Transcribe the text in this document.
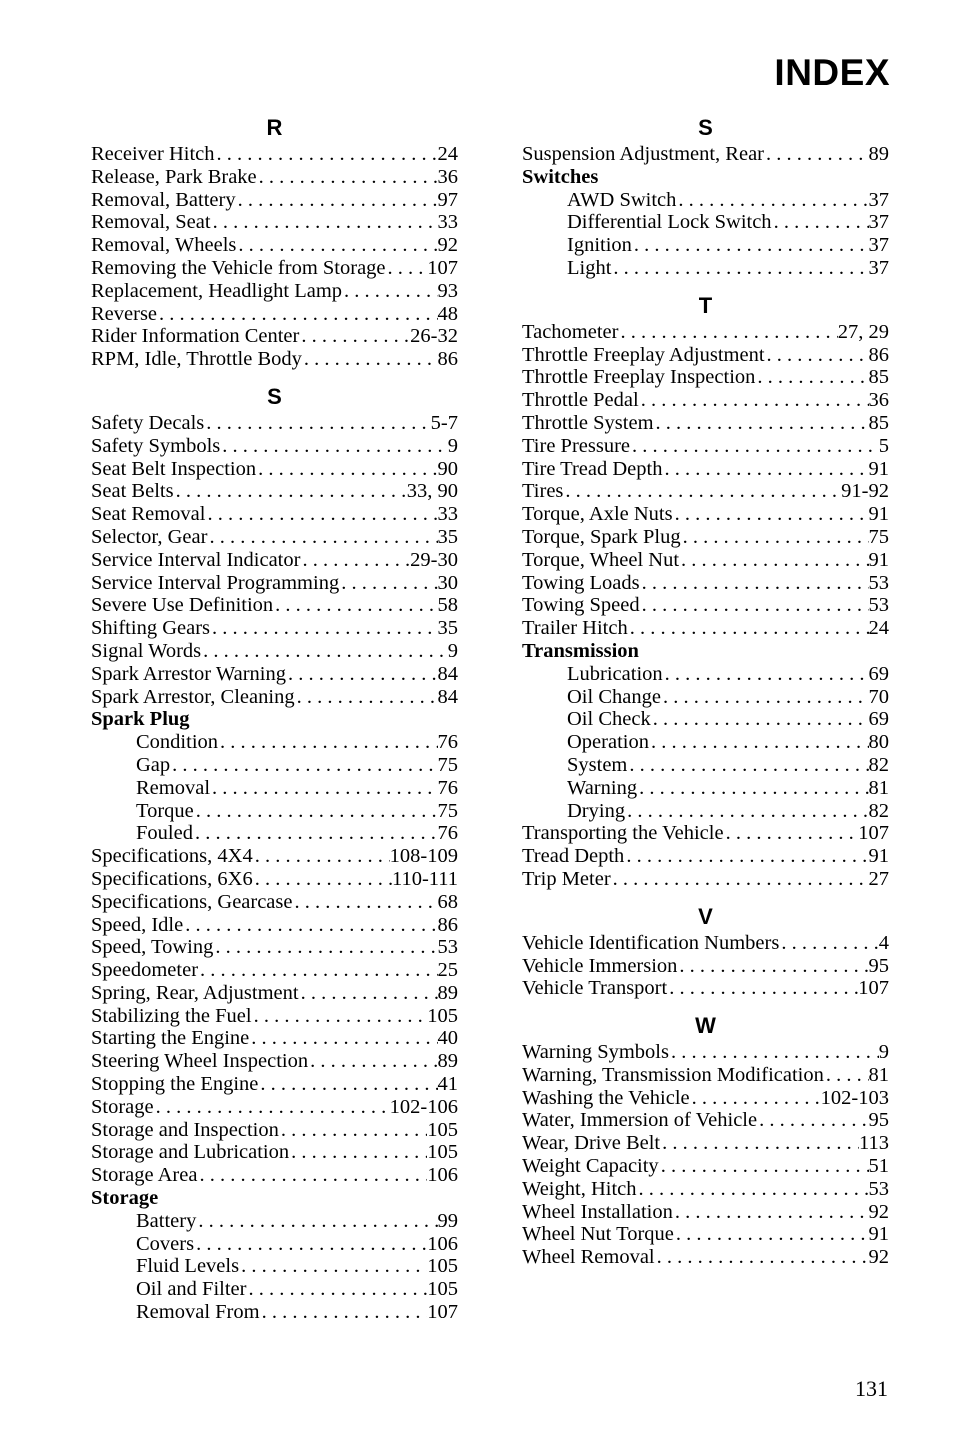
INDEX
R
Receiver Hitch . . .	24
Release, Park Brake . . .	36
Removal, Battery . . .	97
Removal, Seat . . .	33
Removal, Wheels . . .	92
Removing the Vehicle from Storage . . . 107
Replacement, Headlight Lamp . . .	93
Reverse . . .	48
Rider Information Center . . .	26-32
RPM, Idle, Throttle Body . . .	86
S
Safety Decals . . .	5-7
Safety Symbols . . .	9
Seat Belt Inspection . . .	90
Seat Belts . . .	33, 90
Seat Removal . . .	33
Selector, Gear . . .	35
Service Interval Indicator . . .	29-30
Service Interval Programming . . .	30
Severe Use Definition . . .	58
Shifting Gears . . .	35
Signal Words . . .	9
Spark Arrestor Warning . . .	84
Spark Arrestor, Cleaning . . .	84
Spark Plug
Condition . . .	76
Gap . . .	75
Removal . . .	76
Torque . . .	75
Fouled . . .	76
Specifications, 4X4 . . .	108-109
Specifications, 6X6 . . .	110-111
Specifications, Gearcase . . .	68
Speed, Idle . . .	86
Speed, Towing . . .	53
Speedometer . . .	25
Spring, Rear, Adjustment . . .	89
Stabilizing the Fuel . . .	105
Starting the Engine . . .	40
Steering Wheel Inspection . . .	89
Stopping the Engine . . .	41
Storage . . .	102-106
Storage and Inspection . . .	105
Storage and Lubrication . . .	105
Storage Area . . .	106
Storage
Battery . . .	99
Covers . . .	106
Fluid Levels . . .	105
Oil and Filter . . .	105
Removal From . . .	107
S
Suspension Adjustment, Rear . . .	89
Switches
AWD Switch . . .	37
Differential Lock Switch . . .	37
Ignition . . .	37
Light . . .	37
T
Tachometer . . .	27, 29
Throttle Freeplay Adjustment . . .	86
Throttle Freeplay Inspection . . .	85
Throttle Pedal . . .	36
Throttle System . . .	85
Tire Pressure . . .	5
Tire Tread Depth . . .	91
Tires . . .	91-92
Torque, Axle Nuts . . .	91
Torque, Spark Plug . . .	75
Torque, Wheel Nut . . .	91
Towing Loads . . .	53
Towing Speed . . .	53
Trailer Hitch . . .	24
Transmission
Lubrication . . .	69
Oil Change . . .	70
Oil Check . . .	69
Operation . . .	80
System . . .	82
Warning . . .	81
Drying . . .	82
Transporting the Vehicle . . .	107
Tread Depth . . .	91
Trip Meter . . .	27
V
Vehicle Identification Numbers . . .	4
Vehicle Immersion . . .	95
Vehicle Transport . . .	107
W
Warning Symbols . . .	9
Warning, Transmission Modification . . . 81
Washing the Vehicle . . .	102-103
Water, Immersion of Vehicle . . .	95
Wear, Drive Belt . . .	113
Weight Capacity . . .	51
Weight, Hitch . . .	53
Wheel Installation . . .	92
Wheel Nut Torque . . .	91
Wheel Removal . . .	92
131
